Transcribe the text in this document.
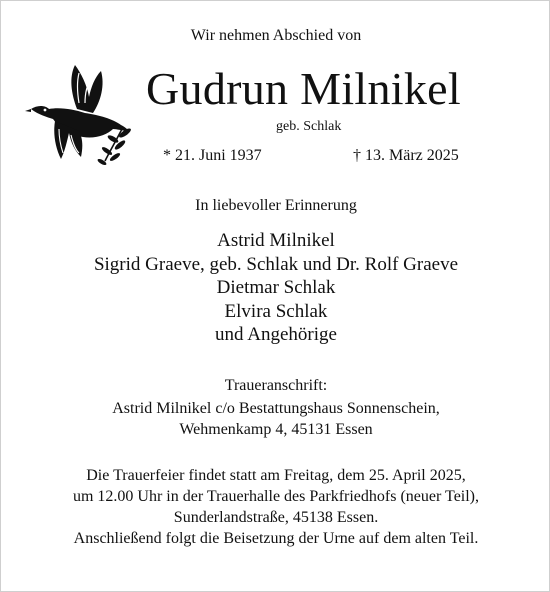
Wir nehmen Abschied von
Gudrun Milnikel
geb. Schlak
* 21. Juni 1937	† 13. März 2025
In liebevoller Erinnerung
Astrid Milnikel
Sigrid Graeve, geb. Schlak und Dr. Rolf Graeve
Dietmar Schlak
Elvira Schlak
und Angehörige
Traueranschrift:
Astrid Milnikel c/o Bestattungshaus Sonnenschein,
Wehmenkamp 4, 45131 Essen
Die Trauerfeier findet statt am Freitag, dem 25. April 2025,
um 12.00 Uhr in der Trauerhalle des Parkfriedhofs (neuer Teil),
Sunderlandstraße, 45138 Essen.
Anschließend folgt die Beisetzung der Urne auf dem alten Teil.
